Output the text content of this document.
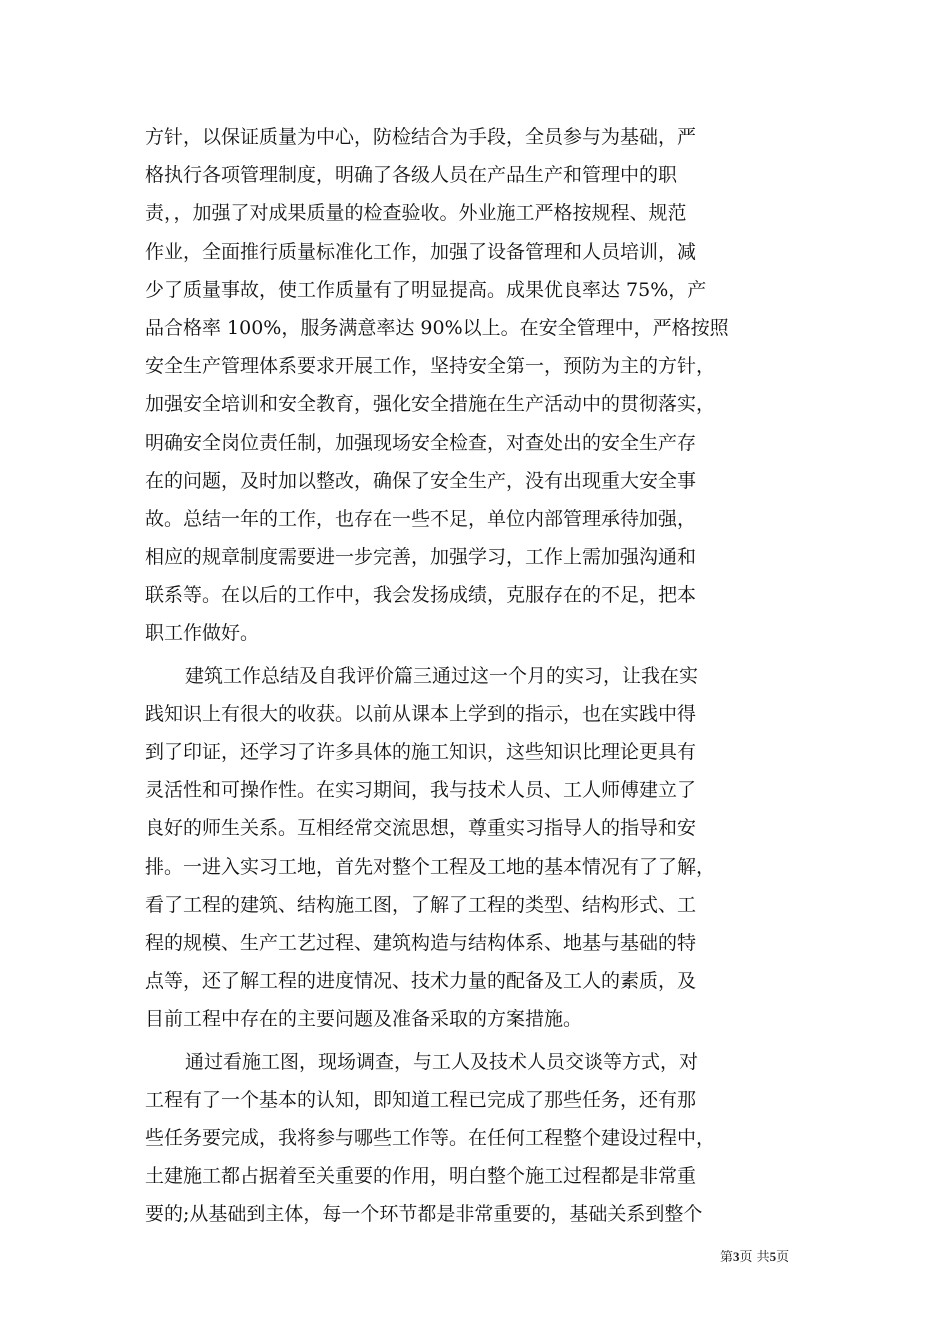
方针，以保证质量为中心，防检结合为手段，全员参与为基础，严
格执行各项管理制度，明确了各级人员在产品生产和管理中的职
责，，加强了对成果质量的检查验收。外业施工严格按规程、规范
作业，全面推行质量标准化工作，加强了设备管理和人员培训，减
少了质量事故，使工作质量有了明显提高。成果优良率达 75%，产
品合格率 100%，服务满意率达 90%以上。在安全管理中，严格按照
安全生产管理体系要求开展工作，坚持安全第一，预防为主的方针，
加强安全培训和安全教育，强化安全措施在生产活动中的贯彻落实，
明确安全岗位责任制，加强现场安全检查，对查处出的安全生产存
在的问题，及时加以整改，确保了安全生产，没有出现重大安全事
故。总结一年的工作，也存在一些不足，单位内部管理承待加强，
相应的规章制度需要进一步完善，加强学习，工作上需加强沟通和
联系等。在以后的工作中，我会发扬成绩，克服存在的不足，把本
职工作做好。
建筑工作总结及自我评价篇三通过这一个月的实习，让我在实
践知识上有很大的收获。以前从课本上学到的指示，也在实践中得
到了印证，还学习了许多具体的施工知识，这些知识比理论更具有
灵活性和可操作性。在实习期间，我与技术人员、工人师傅建立了
良好的师生关系。互相经常交流思想，尊重实习指导人的指导和安
排。一进入实习工地，首先对整个工程及工地的基本情况有了了解，
看了工程的建筑、结构施工图，了解了工程的类型、结构形式、工
程的规模、生产工艺过程、建筑构造与结构体系、地基与基础的特
点等，还了解工程的进度情况、技术力量的配备及工人的素质，及
目前工程中存在的主要问题及准备采取的方案措施。
通过看施工图，现场调查，与工人及技术人员交谈等方式，对
工程有了一个基本的认知，即知道工程已完成了那些任务，还有那
些任务要完成，我将参与哪些工作等。在任何工程整个建设过程中，
土建施工都占据着至关重要的作用，明白整个施工过程都是非常重
要的;从基础到主体，每一个环节都是非常重要的，基础关系到整个
第3页 共5页
